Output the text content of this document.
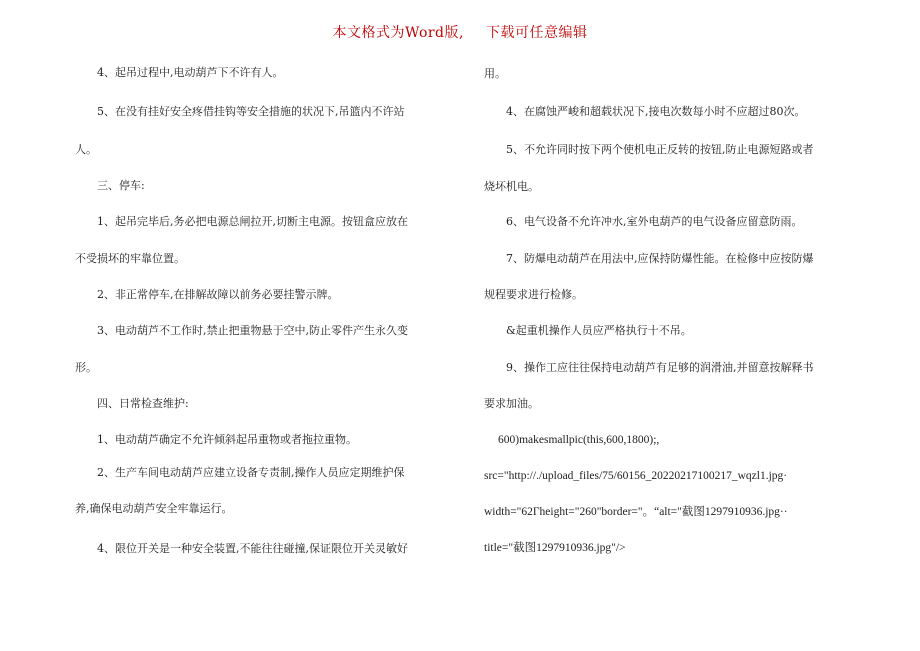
本文格式为Word版, 下载可任意编辑
4、起吊过程中,电动葫芦下不许有人。
5、在没有挂好安全疼借挂钩等安全措施的状况下,吊篮内不许站
人。
三、停车:
1、起吊完毕后,务必把电源总闸拉开,切断主电源。按钮盒应放在
不受损坏的牢靠位置。
2、非正常停车,在排解故障以前务必要挂警示牌。
3、电动葫芦不工作时,禁止把重物悬于空中,防止零件产生永久变
形。
四、日常检查维护:
1、电动葫芦确定不允许倾斜起吊重物或者拖拉重物。
2、生产车间电动葫芦应建立设备专责制,操作人员应定期维护保
养,确保电动葫芦安全牢靠运行。
4、限位开关是一种安全装置,不能往往碰撞,保证限位开关灵敏好
用。
4、在腐蚀严峻和超载状况下,接电次数每小时不应超过80次。
5、不允许同时按下两个使机电正反转的按钮,防止电源短路或者
烧坏机电。
6、电气设备不允许冲水,室外电葫芦的电气设备应留意防雨。
7、防爆电动葫芦在用法中,应保持防爆性能。在检修中应按防爆
规程要求进行检修。
&起重机操作人员应严格执行十不吊。
9、操作工应往往保持电动葫芦有足够的润滑油,并留意按解释书
要求加油。
600)makesmallpic(this,600,1800);,
src="http://./upload_files/75/60156_20220217100217_wqzl1.jpg·
width="62Γheight="260"border="。“alt="截图1297910936.jpg··
title="截图1297910936.jpg"/>
